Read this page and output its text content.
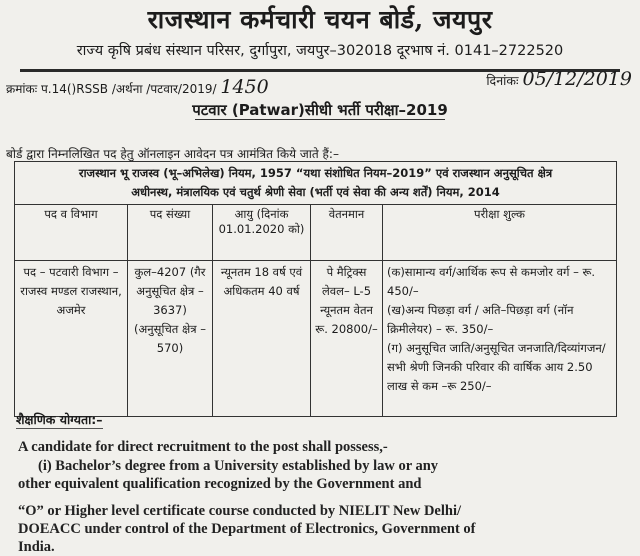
राजस्थान कर्मचारी चयन बोर्ड, जयपुर
राज्य कृषि प्रबंध संस्थान परिसर, दुर्गापुरा, जयपुर–302018 दूरभाष नं. 0141–2722520
क्रमांकः प.14()RSSB /अर्थना /पटवार/2019/ 1450	दिनांकः 05/12/2019
पटवार (Patwar)सीधी भर्ती परीक्षा–2019
बोर्ड द्वारा निम्नलिखित पद हेतु ऑनलाइन आवेदन पत्र आमंत्रित किये जाते हैं:–
राजस्थान भू राजस्व (भू–अभिलेख) नियम, 1957 “यथा संशोधित नियम–2019” एवं राजस्थान अनुसूचित क्षेत्र
अधीनस्थ, मंत्रालयिक एवं चतुर्थ श्रेणी सेवा (भर्ती एवं सेवा की अन्य शर्तें) नियम, 2014				

पद व विभाग	पद संख्या	आयु (दिनांक 01.01.2020 को)	वेतनमान	परीक्षा शुल्क
पद – पटवारी विभाग – राजस्व मण्डल राजस्थान, अजमेर	कुल–4207 (गैर अनुसूचित क्षेत्र – 3637) (अनुसूचित क्षेत्र – 570)	न्यूनतम 18 वर्ष एवं अधिकतम 40 वर्ष	पे मैट्रिक्स लेवल– L-5 न्यूनतम वेतन रू. 20800/–	(क)सामान्य वर्ग/आर्थिक रूप से कमजोर वर्ग – रू. 450/–
(ख)अन्य पिछड़ा वर्ग / अति–पिछड़ा वर्ग (नॉन क्रिमीलेयर) – रू. 350/–
(ग) अनुसूचित जाति/अनुसूचित जनजाति/दिव्यांगजन/सभी श्रेणी जिनकी परिवार की वार्षिक आय 2.50 लाख से कम –रू 250/–
शैक्षणिक योग्यता:–
A candidate for direct recruitment to the post shall possess,-
(i) Bachelor’s degree from a University established by law or any
other equivalent qualification recognized by the Government and
“O” or Higher level certificate course conducted by NIELIT New Delhi/
DOEACC under control of the Department of Electronics, Government of
India.
